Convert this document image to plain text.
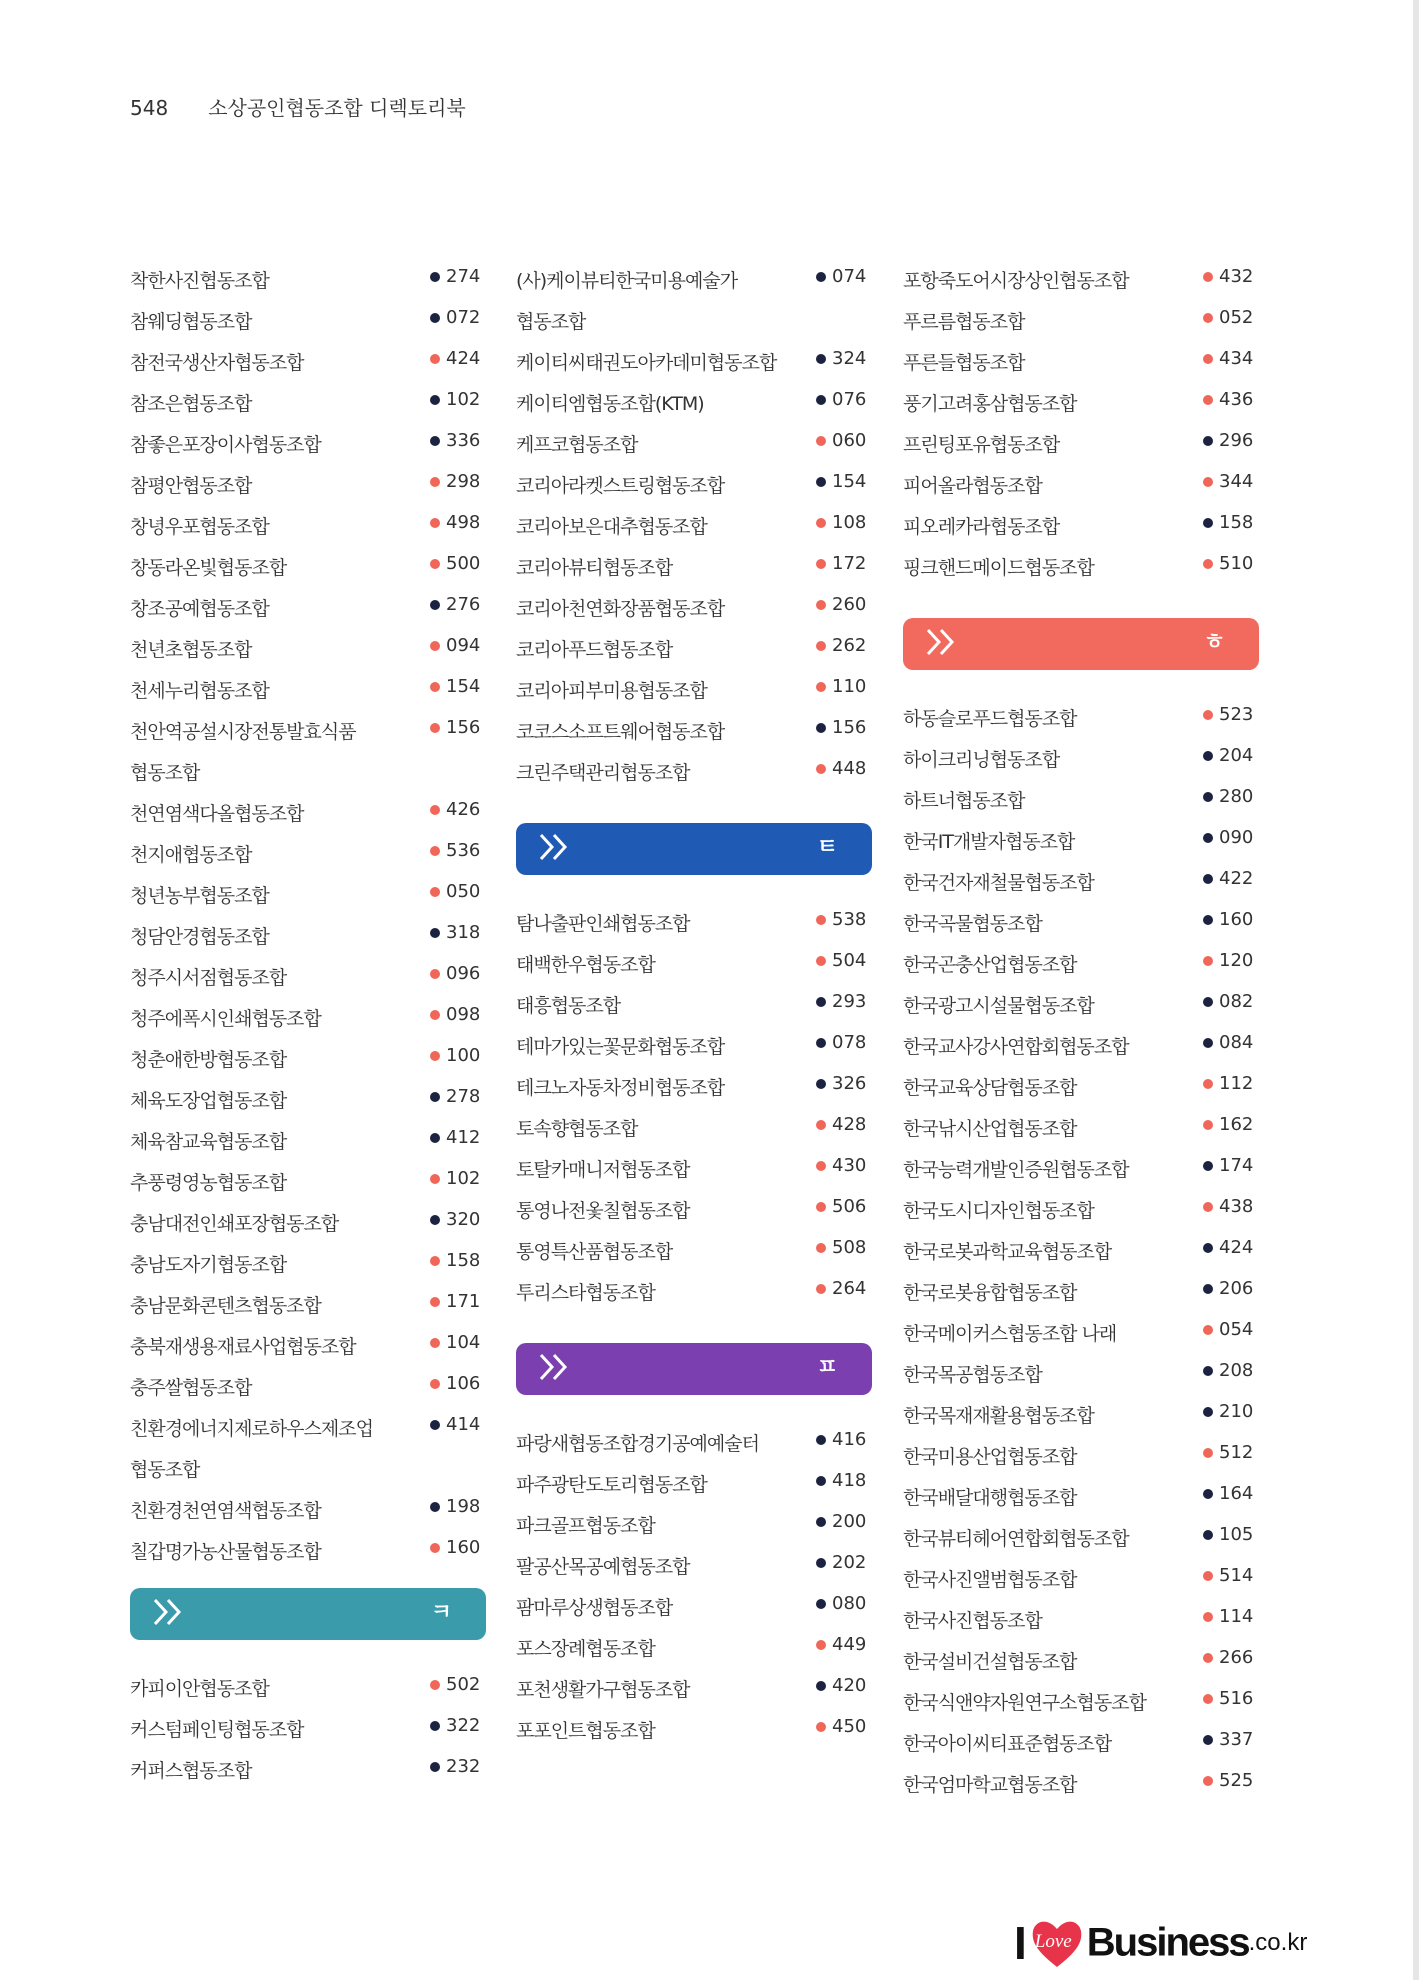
548 소상공인협동조합 디렉토리북
착한사진협동조합	274
참웨딩협동조합	072
참전국생산자협동조합	424
참조은협동조합	102
참좋은포장이사협동조합	336
참평안협동조합	298
창녕우포협동조합	498
창동라온빛협동조합	500
창조공예협동조합	276
천년초협동조합	094
천세누리협동조합	154
천안역공설시장전통발효식품	156
협동조합
천연염색다올협동조합	426
천지애협동조합	536
청년농부협동조합	050
청담안경협동조합	318
청주시서점협동조합	096
청주에폭시인쇄협동조합	098
청춘애한방협동조합	100
체육도장업협동조합	278
체육참교육협동조합	412
추풍령영농협동조합	102
충남대전인쇄포장협동조합	320
충남도자기협동조합	158
충남문화콘텐츠협동조합	171
충북재생용재료사업협동조합	104
충주쌀협동조합	106
친환경에너지제로하우스제조업	414
협동조합
친환경천연염색협동조합	198
칠갑명가농산물협동조합	160
ㅋ
카피이안협동조합	502
커스텀페인팅협동조합	322
커퍼스협동조합	232
(사)케이뷰티한국미용예술가	074
협동조합
케이티씨태권도아카데미협동조합	324
케이티엠협동조합(KTM)	076
케프코협동조합	060
코리아라켓스트링협동조합	154
코리아보은대추협동조합	108
코리아뷰티협동조합	172
코리아천연화장품협동조합	260
코리아푸드협동조합	262
코리아피부미용협동조합	110
코코스소프트웨어협동조합	156
크린주택관리협동조합	448
ㅌ
탐나출판인쇄협동조합	538
태백한우협동조합	504
태흥협동조합	293
테마가있는꽃문화협동조합	078
테크노자동차정비협동조합	326
토속향협동조합	428
토탈카매니저협동조합	430
통영나전옻칠협동조합	506
통영특산품협동조합	508
투리스타협동조합	264
ㅍ
파랑새협동조합경기공예예술터	416
파주광탄도토리협동조합	418
파크골프협동조합	200
팔공산목공예협동조합	202
팜마루상생협동조합	080
포스장례협동조합	449
포천생활가구협동조합	420
포포인트협동조합	450
포항죽도어시장상인협동조합	432
푸르름협동조합	052
푸른들협동조합	434
풍기고려홍삼협동조합	436
프린팅포유협동조합	296
피어올라협동조합	344
피오레카라협동조합	158
핑크핸드메이드협동조합	510
ㅎ
하동슬로푸드협동조합	523
하이크리닝협동조합	204
하트너협동조합	280
한국IT개발자협동조합	090
한국건자재철물협동조합	422
한국곡물협동조합	160
한국곤충산업협동조합	120
한국광고시설물협동조합	082
한국교사강사연합회협동조합	084
한국교육상담협동조합	112
한국낚시산업협동조합	162
한국능력개발인증원협동조합	174
한국도시디자인협동조합	438
한국로봇과학교육협동조합	424
한국로봇융합협동조합	206
한국메이커스협동조합 나래	054
한국목공협동조합	208
한국목재재활용협동조합	210
한국미용산업협동조합	512
한국배달대행협동조합	164
한국뷰티헤어연합회협동조합	105
한국사진앨범협동조합	514
한국사진협동조합	114
한국설비건설협동조합	266
한국식앤약자원연구소협동조합	516
한국아이씨티표준협동조합	337
한국엄마학교협동조합	525
I Love Business.co.kr
